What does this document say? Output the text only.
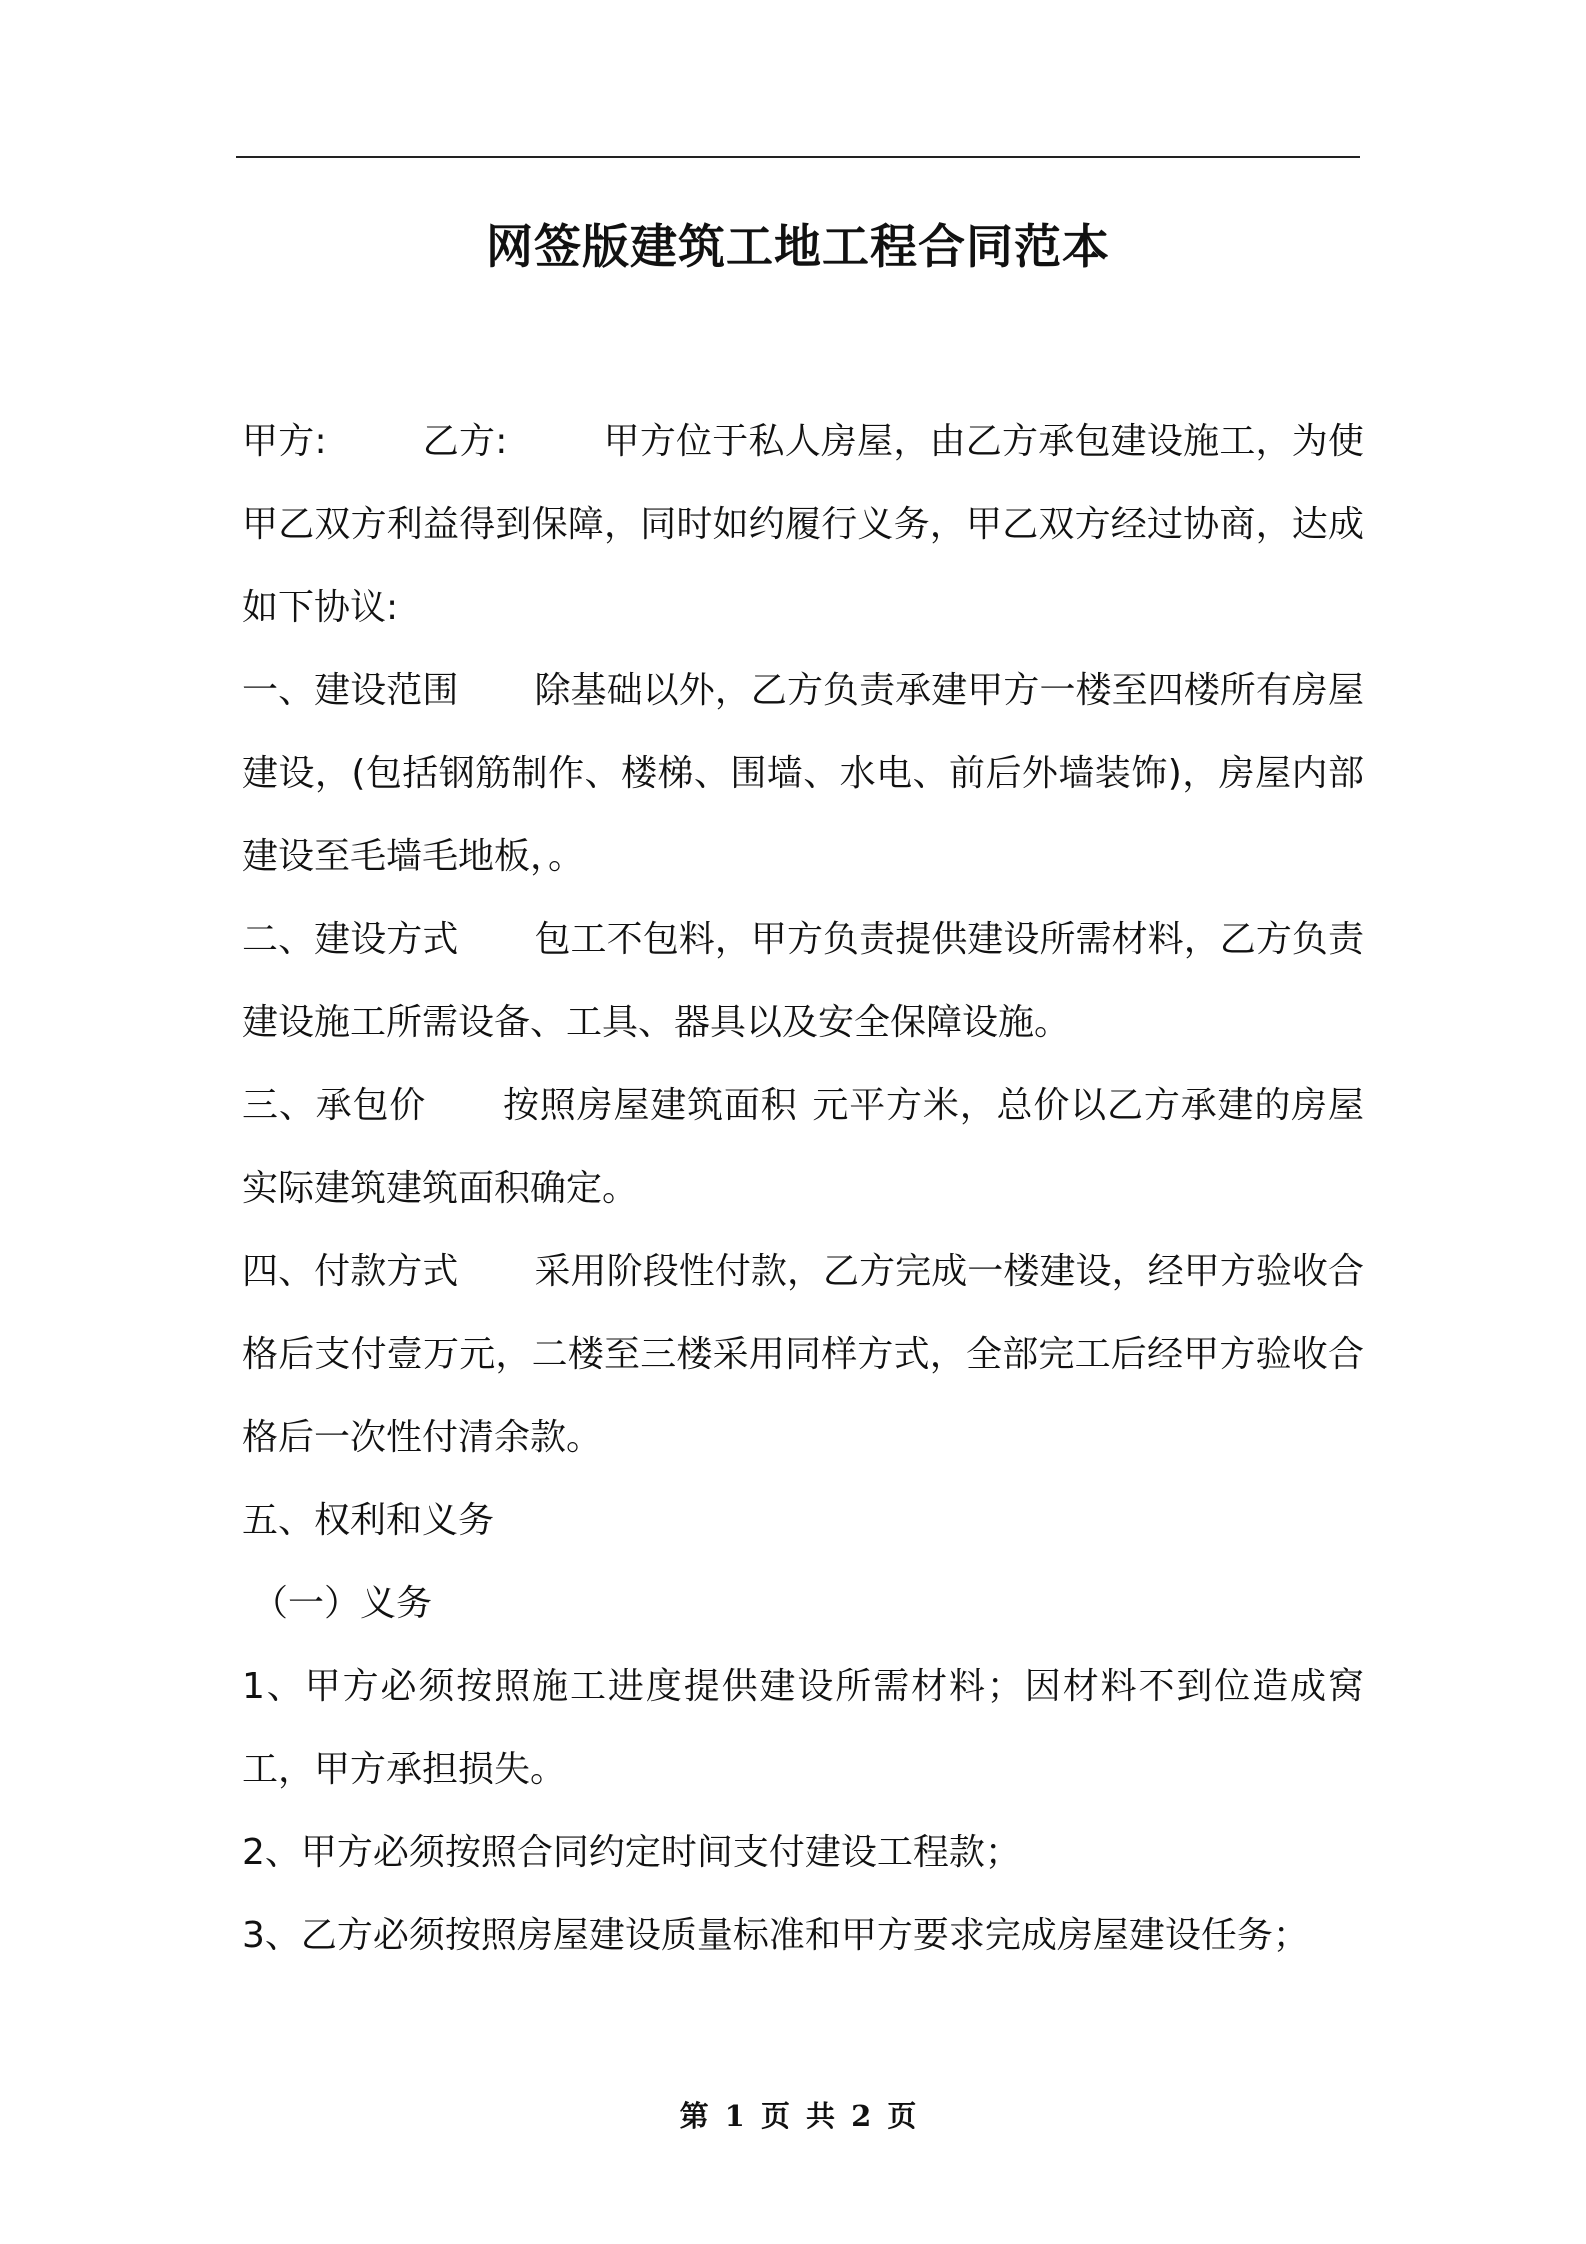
网签版建筑工地工程合同范本

甲方:	乙方:	甲方位于私人房屋，由乙方承包建设施工，为使甲乙双方利益得到保障，同时如约履行义务，甲乙双方经过协商，达成如下协议:

一、建设范围 除基础以外，乙方负责承建甲方一楼至四楼所有房屋建设，(包括钢筋制作、楼梯、围墙、水电、前后外墙装饰)，房屋内部建设至毛墙毛地板，。

二、建设方式 包工不包料，甲方负责提供建设所需材料，乙方负责建设施工所需设备、工具、器具以及安全保障设施。

三、承包价 按照房屋建筑面积 元平方米，总价以乙方承建的房屋实际建筑建筑面积确定。

四、付款方式 采用阶段性付款，乙方完成一楼建设，经甲方验收合格后支付壹万元，二楼至三楼采用同样方式，全部完工后经甲方验收合格后一次性付清余款。

五、权利和义务

（一）义务

1、甲方必须按照施工进度提供建设所需材料；因材料不到位造成窝工，甲方承担损失。

2、甲方必须按照合同约定时间支付建设工程款；

3、乙方必须按照房屋建设质量标准和甲方要求完成房屋建设任务；

第 1 页 共 2 页
